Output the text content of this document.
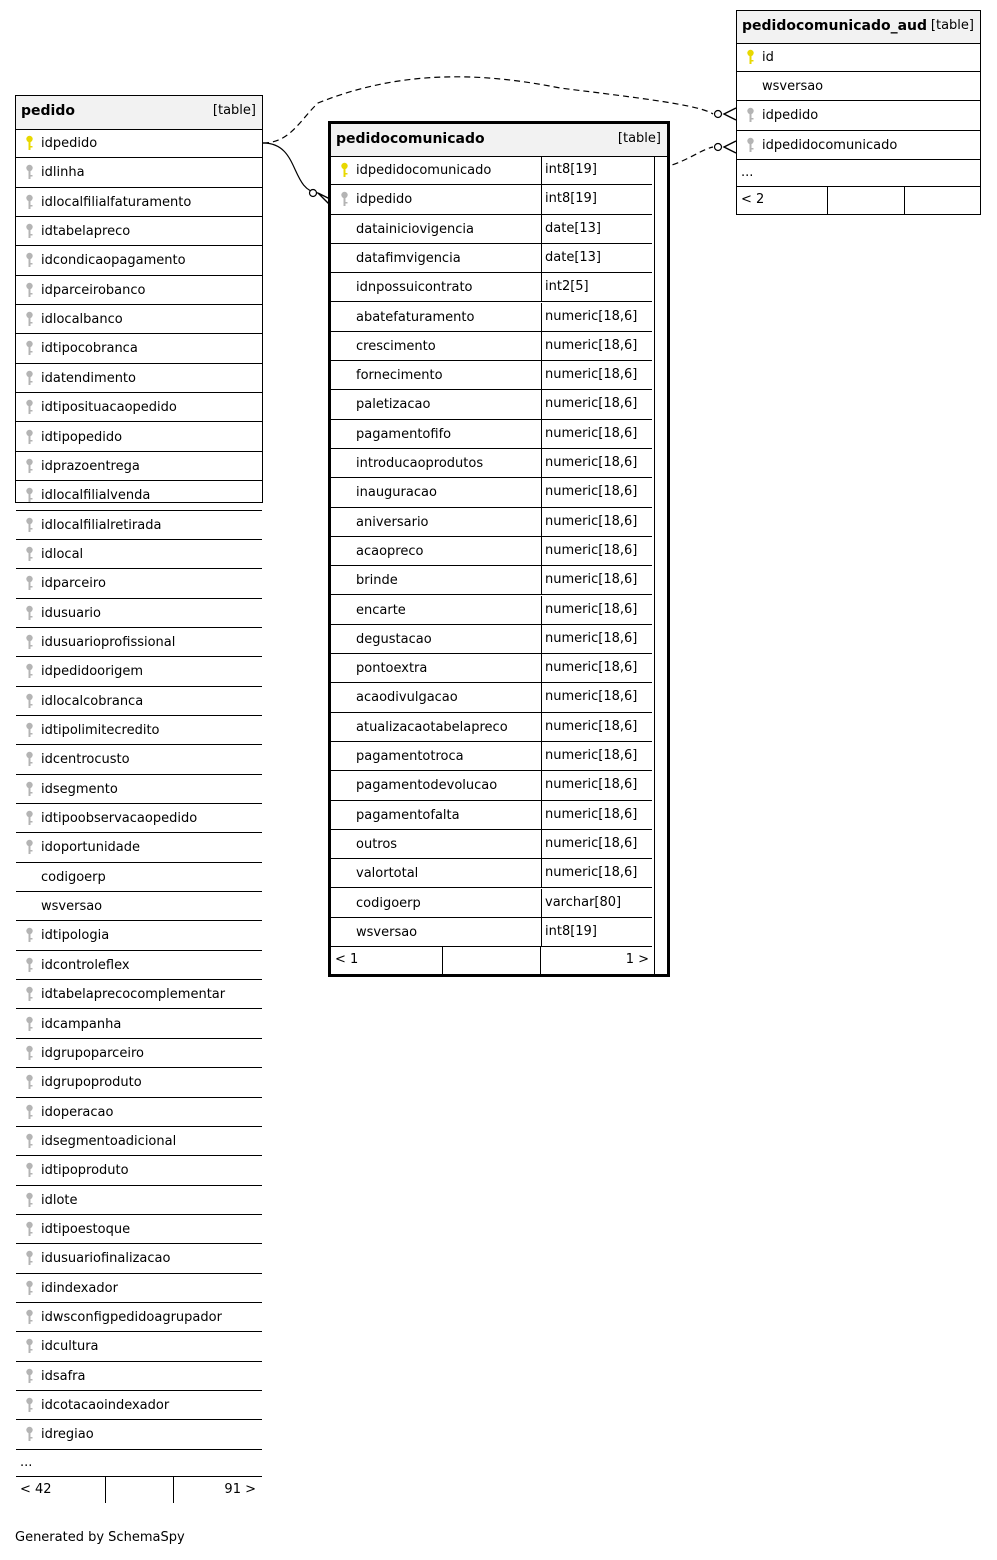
pedido	[table]
idpedido
idlinha
idlocalfilialfaturamento
idtabelapreco
idcondicaopagamento
idparceirobanco
idlocalbanco
idtipocobranca
idatendimento
idtiposituacaopedido
idtipopedido
idprazoentrega
idlocalfilialvenda
idlocalfilialretirada
idlocal
idparceiro
idusuario
idusuarioprofissional
idpedidoorigem
idlocalcobranca
idtipolimitecredito
idcentrocusto
idsegmento
idtipoobservacaopedido
idoportunidade
codigoerp
wsversao
idtipologia
idcontroleflex
idtabelaprecocomplementar
idcampanha
idgrupoparceiro
idgrupoproduto
idoperacao
idsegmentoadicional
idtipoproduto
idlote
idtipoestoque
idusuariofinalizacao
idindexador
idwsconfigpedidoagrupador
idcultura
idsafra
idcotacaoindexador
idregiao
...
< 42	91 >
pedidocomunicado	[table]
idpedidocomunicado	int8[19]
idpedido	int8[19]
datainiciovigencia	date[13]
datafimvigencia	date[13]
idnpossuicontrato	int2[5]
abatefaturamento	numeric[18,6]
crescimento	numeric[18,6]
fornecimento	numeric[18,6]
paletizacao	numeric[18,6]
pagamentofifo	numeric[18,6]
introducaoprodutos	numeric[18,6]
inauguracao	numeric[18,6]
aniversario	numeric[18,6]
acaopreco	numeric[18,6]
brinde	numeric[18,6]
encarte	numeric[18,6]
degustacao	numeric[18,6]
pontoextra	numeric[18,6]
acaodivulgacao	numeric[18,6]
atualizacaotabelapreco	numeric[18,6]
pagamentotroca	numeric[18,6]
pagamentodevolucao	numeric[18,6]
pagamentofalta	numeric[18,6]
outros	numeric[18,6]
valortotal	numeric[18,6]
codigoerp	varchar[80]
wsversao	int8[19]
< 1	1 >
pedidocomunicado_aud [table]
id
wsversao
idpedido
idpedidocomunicado
...
< 2
Generated by SchemaSpy
